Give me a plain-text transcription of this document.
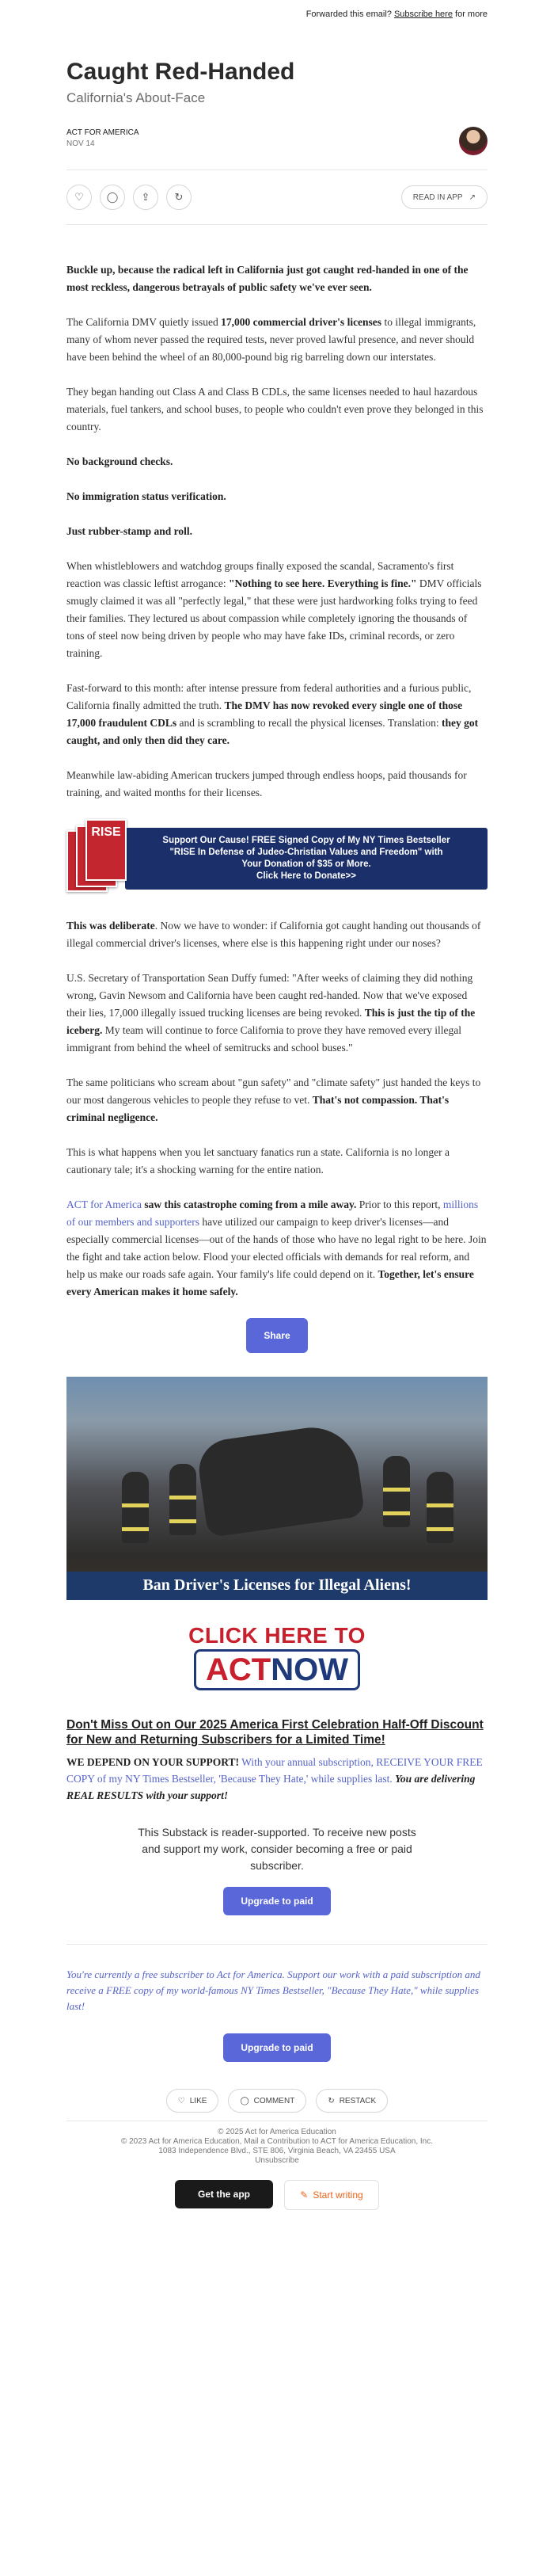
Forwarded this email? Subscribe here for more
Caught Red-Handed
California's About-Face
ACT FOR AMERICA
NOV 14
♡ ◯ ⇪ ↻	READ IN APP ↗

Buckle up, because the radical left in California just got caught red-handed in one of the most reckless, dangerous betrayals of public safety we've ever seen.

The California DMV quietly issued 17,000 commercial driver's licenses to illegal immigrants, many of whom never passed the required tests, never proved lawful presence, and never should have been behind the wheel of an 80,000-pound big rig barreling down our interstates.

They began handing out Class A and Class B CDLs, the same licenses needed to haul hazardous materials, fuel tankers, and school buses, to people who couldn't even prove they belonged in this country.

No background checks.

No immigration status verification.

Just rubber-stamp and roll.

When whistleblowers and watchdog groups finally exposed the scandal, Sacramento's first reaction was classic leftist arrogance: "Nothing to see here. Everything is fine." DMV officials smugly claimed it was all "perfectly legal," that these were just hardworking folks trying to feed their families. They lectured us about compassion while completely ignoring the thousands of tons of steel now being driven by people who may have fake IDs, criminal records, or zero training.

Fast-forward to this month: after intense pressure from federal authorities and a furious public, California finally admitted the truth. The DMV has now revoked every single one of those 17,000 fraudulent CDLs and is scrambling to recall the physical licenses. Translation: they got caught, and only then did they care.

Meanwhile law-abiding American truckers jumped through endless hoops, paid thousands for training, and waited months for their licenses.

RISE
Support Our Cause! FREE Signed Copy of My NY Times Bestseller
"RISE In Defense of Judeo-Christian Values and Freedom" with
Your Donation of $35 or More.
Click Here to Donate>>

This was deliberate. Now we have to wonder: if California got caught handing out thousands of illegal commercial driver's licenses, where else is this happening right under our noses?

U.S. Secretary of Transportation Sean Duffy fumed: "After weeks of claiming they did nothing wrong, Gavin Newsom and California have been caught red-handed. Now that we've exposed their lies, 17,000 illegally issued trucking licenses are being revoked. This is just the tip of the iceberg. My team will continue to force California to prove they have removed every illegal immigrant from behind the wheel of semitrucks and school buses."

The same politicians who scream about "gun safety" and "climate safety" just handed the keys to our most dangerous vehicles to people they refuse to vet. That's not compassion. That's criminal negligence.

This is what happens when you let sanctuary fanatics run a state. California is no longer a cautionary tale; it's a shocking warning for the entire nation.

ACT for America saw this catastrophe coming from a mile away. Prior to this report, millions of our members and supporters have utilized our campaign to keep driver's licenses—and especially commercial licenses—out of the hands of those who have no legal right to be here. Join the fight and take action below. Flood your elected officials with demands for real reform, and help us make our roads safe again. Your family's life could depend on it. Together, let's ensure every American makes it home safely.

Share
Ban Driver's Licenses for Illegal Aliens!
CLICK HERE TO
ACTNOW
Don't Miss Out on Our 2025 America First Celebration Half-Off Discount for New and Returning Subscribers for a Limited Time!
WE DEPEND ON YOUR SUPPORT! With your annual subscription, RECEIVE YOUR FREE COPY of my NY Times Bestseller, 'Because They Hate,' while supplies last. You are delivering REAL RESULTS with your support!
This Substack is reader-supported. To receive new posts and support my work, consider becoming a free or paid subscriber.
Upgrade to paid
You're currently a free subscriber to Act for America. Support our work with a paid subscription and receive a FREE copy of my world-famous NY Times Bestseller, "Because They Hate," while supplies last!
Upgrade to paid
♡ LIKE	◯ COMMENT	↻ RESTACK
© 2025 Act for America Education
© 2023 Act for America Education, Mail a Contribution to ACT for America Education, Inc.
1083 Independence Blvd., STE 806, Virginia Beach, VA 23455 USA
Unsubscribe
Get the app	✎ Start writing
